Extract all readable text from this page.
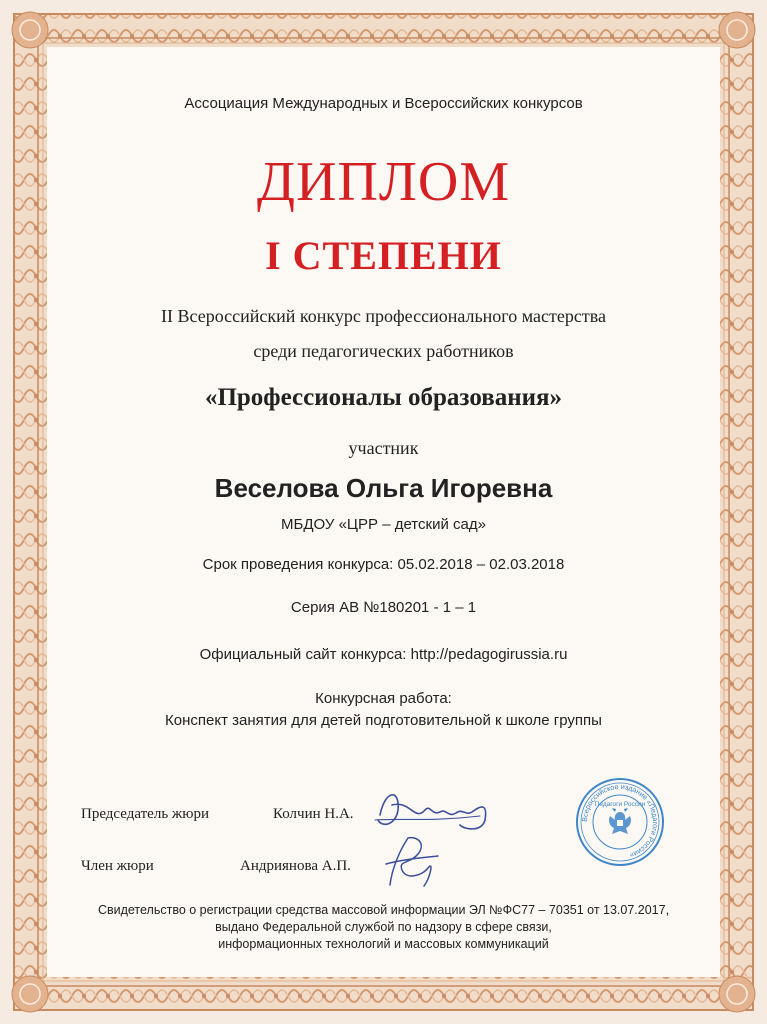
Ассоциация Международных и Всероссийских конкурсов
ДИПЛОМ
I СТЕПЕНИ
II Всероссийский конкурс профессионального мастерства
среди педагогических работников
«Профессионалы образования»
участник
Веселова Ольга Игоревна
МБДОУ «ЦРР – детский сад»
Срок проведения конкурса: 05.02.2018 – 02.03.2018
Серия АВ №180201 - 1 – 1
Официальный сайт конкурса: http://pedagogirussia.ru
Конкурсная работа:
Конспект занятия для детей подготовительной к школе группы
Председатель жюри	Колчин Н.А.
Член жюри	Андриянова А.П.
Всероссийское издание «Педагоги России»
Педагоги России
Свидетельство о регистрации средства массовой информации ЭЛ №ФС77 – 70351 от 13.07.2017,
выдано Федеральной службой по надзору в сфере связи,
информационных технологий и массовых коммуникаций
